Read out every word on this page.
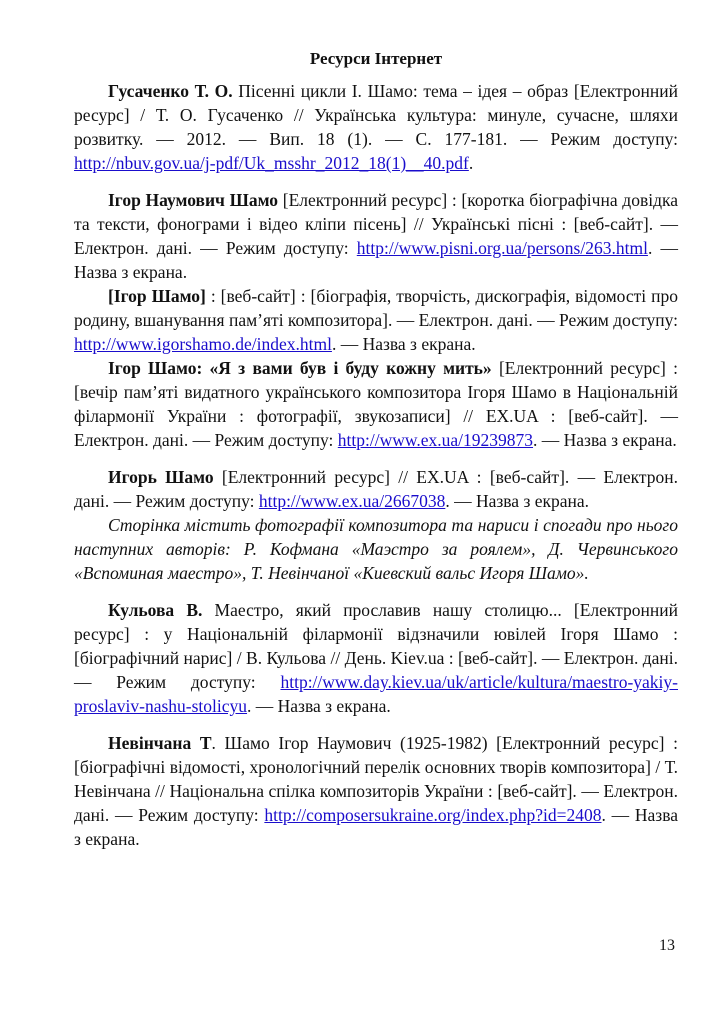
Ресурси Інтернет

Гусаченко Т. О. Пісенні цикли І. Шамо: тема – ідея – образ [Електронний ресурс] / Т. О. Гусаченко // Українська культура: минуле, сучасне, шляхи розвитку. — 2012. — Вип. 18 (1). — С. 177-181. — Режим доступу: http://nbuv.gov.ua/j-pdf/Uk_msshr_2012_18(1)__40.pdf.

Ігор Наумович Шамо [Електронний ресурс] : [коротка біографічна довідка та тексти, фонограми і відео кліпи пісень] // Українські пісні : [веб-сайт]. — Електрон. дані. — Режим доступу: http://www.pisni.org.ua/persons/263.html. — Назва з екрана.

[Ігор Шамо] : [веб-сайт] : [біографія, творчість, дискографія, відомості про родину, вшанування пам’яті композитора]. — Електрон. дані. — Режим доступу: http://www.igorshamo.de/index.html. — Назва з екрана.

Ігор Шамо: «Я з вами був і буду кожну мить» [Електронний ресурс] : [вечір пам’яті видатного українського композитора Ігоря Шамо в Національній філармонії України : фотографії, звукозаписи] // EX.UA : [веб-сайт]. — Електрон. дані. — Режим доступу: http://www.ex.ua/19239873. — Назва з екрана.

Игорь Шамо [Електронний ресурс] // EX.UA : [веб-сайт]. — Електрон. дані. — Режим доступу: http://www.ex.ua/2667038. — Назва з екрана.

Сторінка містить фотографії композитора та нариси і спогади про нього наступних авторів: Р. Кофмана «Маэстро за роялем», Д. Червинського «Вспоминая маестро», Т. Невінчаної «Киевский вальс Игоря Шамо».

Кульова В. Маестро, який прославив нашу столицю... [Електронний ресурс] : у Національній філармонії відзначили ювілей Ігоря Шамо : [біографічний нарис] / В. Кульова // День. Kiev.ua : [веб-сайт]. — Електрон. дані. — Режим доступу: http://www.day.kiev.ua/uk/article/kultura/maestro-yakiy-proslaviv-nashu-stolicyu. — Назва з екрана.

Невінчана Т. Шамо Ігор Наумович (1925-1982) [Електронний ресурс] : [біографічні відомості, хронологічний перелік основних творів композитора] / Т. Невінчана // Національна спілка композиторів України : [веб-сайт]. — Електрон. дані. — Режим доступу: http://composersukraine.org/index.php?id=2408. — Назва з екрана.

13
